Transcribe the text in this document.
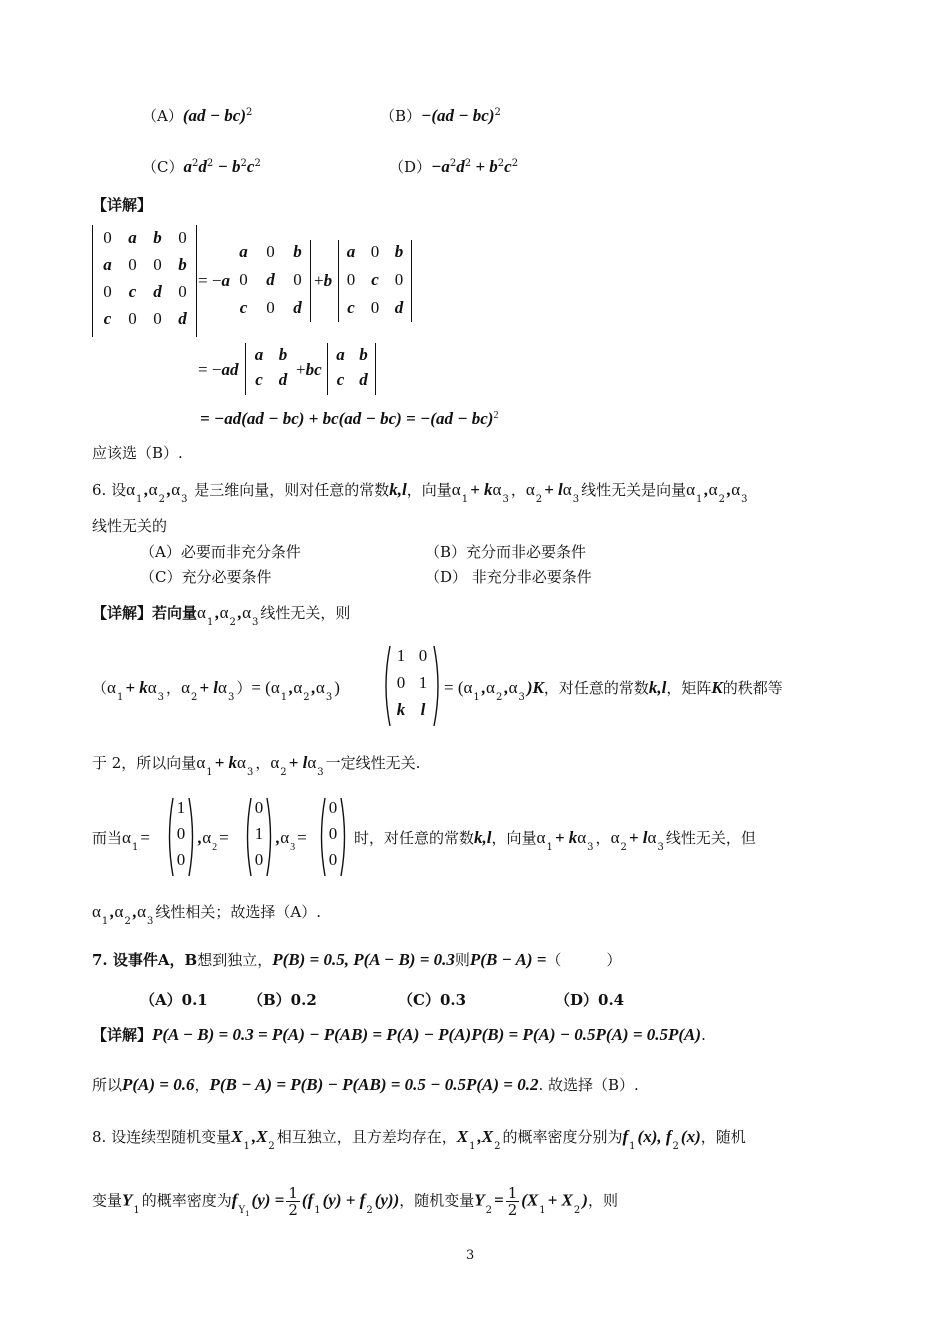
（A）(ad − bc)$^2$	（B）−(ad − bc)$^2$
$(C)a^2d^2 - b^2c^2$	$(D)-a^2d^2 + b^2c^2$
【详解】
0 a b 0
a 0 0 b
0 c d 0
c 0 0 d
= −a
a	0	b
0	d	0
c	0	d
+b
a 0 b
0 c 0
c 0 d
= −ad
a b
c d
+bc
a b
c d
= −ad(ad − bc) + bc(ad − bc) = −(ad − bc)$^2$
应该选（B）.
6. 设$\alpha_1,\alpha_2,\alpha_3$ 是三维向量，则对任意的常数k,l，向量$\alpha_1+ k\alpha_3$，$\alpha_2+ l\alpha_3$线性无关是向量$\alpha_1,\alpha_2,\alpha_3$
线性无关的
（A）必要而非充分条件	（B）充分而非必要条件
（C）充分必要条件	（D） 非充分非必要条件
【详解】若向量$\alpha_1,\alpha_2,\alpha_3$线性无关，则
（$\alpha_1+ k\alpha_3$，$\alpha_2+ l\alpha_3)= (\alpha_1,\alpha_2,\alpha_3)$
1 0
0 1
k l
= $(\alpha_1,\alpha_2,\alpha_3)K$，对任意的常数k,l，矩阵K的秩都等
于 2，所以向量$\alpha_1+ k\alpha_3$，$\alpha_2+ l\alpha_3$一定线性无关.
而当$\alpha_1=$
1
0
0
$,\alpha_2=$
0
1
0
$,\alpha_3=$
0
0
0
时，对任意的常数k,l，向量$\alpha_1+ k\alpha_3$，$\alpha_2+ l\alpha_3$线性无关，但
$\alpha_1,\alpha_2,\alpha_3$线性相关；故选择（A）.
7. 设事件A，B想到独立，P(B) = 0.5, P(A − B) = 0.3则P(B − A) =（　　　）
（A）0.1	（B）0.2	（C）0.3	（D）0.4
【详解】P(A − B) = 0.3 = P(A) − P(AB) = P(A) − P(A)P(B) = P(A) − 0.5P(A) = 0.5P(A).
所以P(A) = 0.6，P(B − A) = P(B) − P(AB) = 0.5 − 0.5P(A) = 0.2. 故选择（B）.
8. 设连续型随机变量$X_1,X_2$相互独立，且方差均存在，$X_1,X_2$的概率密度分别为$f_1(x)$, $f_2(x)$，随机
变量$Y_1$的概率密度为$f_{Y_1}(y) = \frac{1}{2} (f_1(y) + f_2(y))$，随机变量$Y_2= \frac{1}{2} (X_1+ X_2)$，则
3
